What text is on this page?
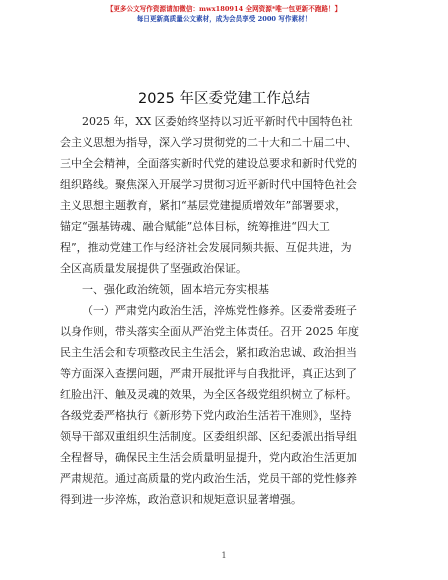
【更多公文写作资源请加微信：mwx180914 全网资源*唯一包更新不跑路！】
每日更新高质量公文素材，成为会员享受 2000 写作素材！
2025 年区委党建工作总结
2025 年，XX 区委始终坚持以习近平新时代中国特色社
会主义思想为指导，深入学习贯彻党的二十大和二十届二中、
三中全会精神，全面落实新时代党的建设总要求和新时代党的
组织路线。聚焦深入开展学习贯彻习近平新时代中国特色社会
主义思想主题教育，紧扣“基层党建提质增效年”部署要求，
锚定“强基铸魂、融合赋能”总体目标，统筹推进“四大工
程”，推动党建工作与经济社会发展同频共振、互促共进，为
全区高质量发展提供了坚强政治保证。
一、强化政治统领，固本培元夯实根基
（一）严肃党内政治生活，淬炼党性修养。区委常委班子
以身作则，带头落实全面从严治党主体责任。召开 2025 年度
民主生活会和专项整改民主生活会，紧扣政治忠诚、政治担当
等方面深入查摆问题，严肃开展批评与自我批评，真正达到了
红脸出汗、触及灵魂的效果，为全区各级党组织树立了标杆。
各级党委严格执行《新形势下党内政治生活若干准则》，坚持
领导干部双重组织生活制度。区委组织部、区纪委派出指导组
全程督导，确保民主生活会质量明显提升，党内政治生活更加
严肃规范。通过高质量的党内政治生活，党员干部的党性修养
得到进一步淬炼，政治意识和规矩意识显著增强。
1
